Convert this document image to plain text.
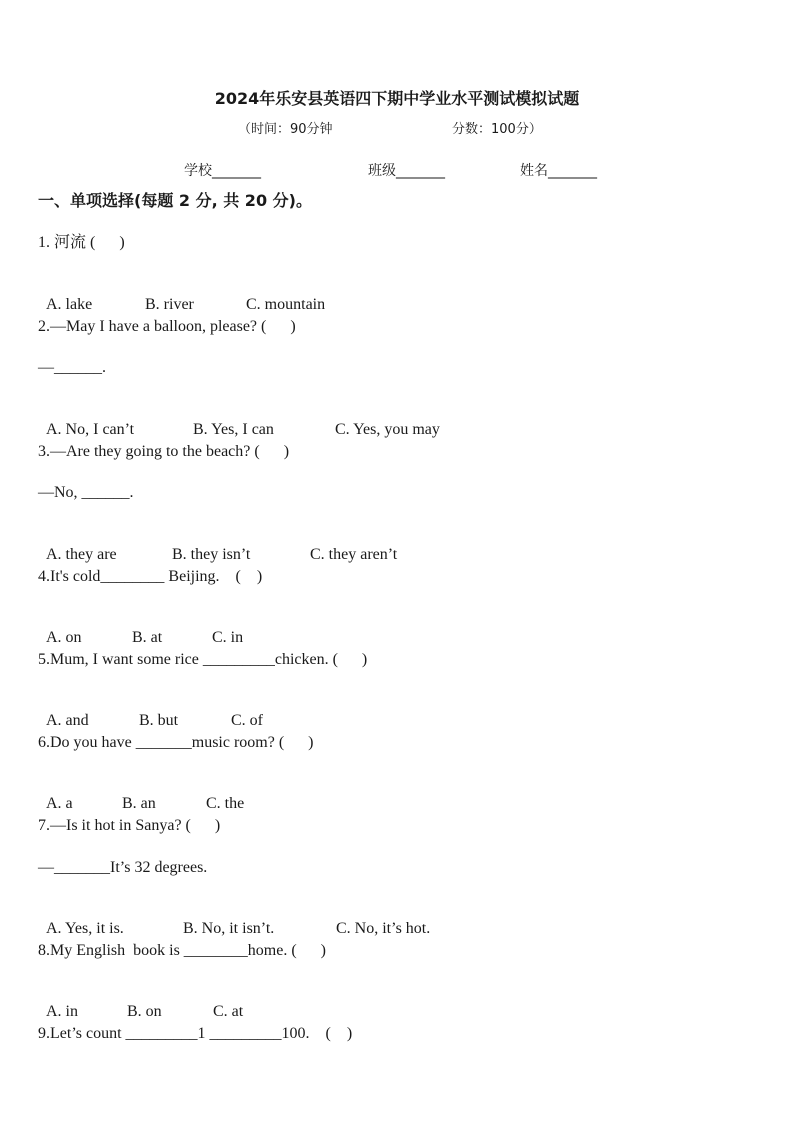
2024年乐安县英语四下期中学业水平测试模拟试题
（时间：90分钟	分数：100分）
学校_______	班级_______	姓名_______
一、单项选择(每题 2 分, 共 20 分)。
1. 河流 (      )

A. lake	B. river	C. mountain

2.—May I have a balloon, please? (      )
—______.

A. No, I can’t	B. Yes, I can	C. Yes, you may

3.—Are they going to the beach? (      )
—No, ______.

A. they are	B. they isn’t	C. they aren’t

4.It's cold________ Beijing.    (    )

A. on	B. at	C. in

5.Mum, I want some rice _________chicken. (      )

A. and	B. but	C. of

6.Do you have _______music room? (      )

A. a	B. an	C. the

7.—Is it hot in Sanya? (      )
—_______It’s 32 degrees.

A. Yes, it is.	B. No, it isn’t.	C. No, it’s hot.

8.My English  book is ________home. (      )

A. in	B. on	C. at

9.Let’s count _________1 _________100.    (    )
